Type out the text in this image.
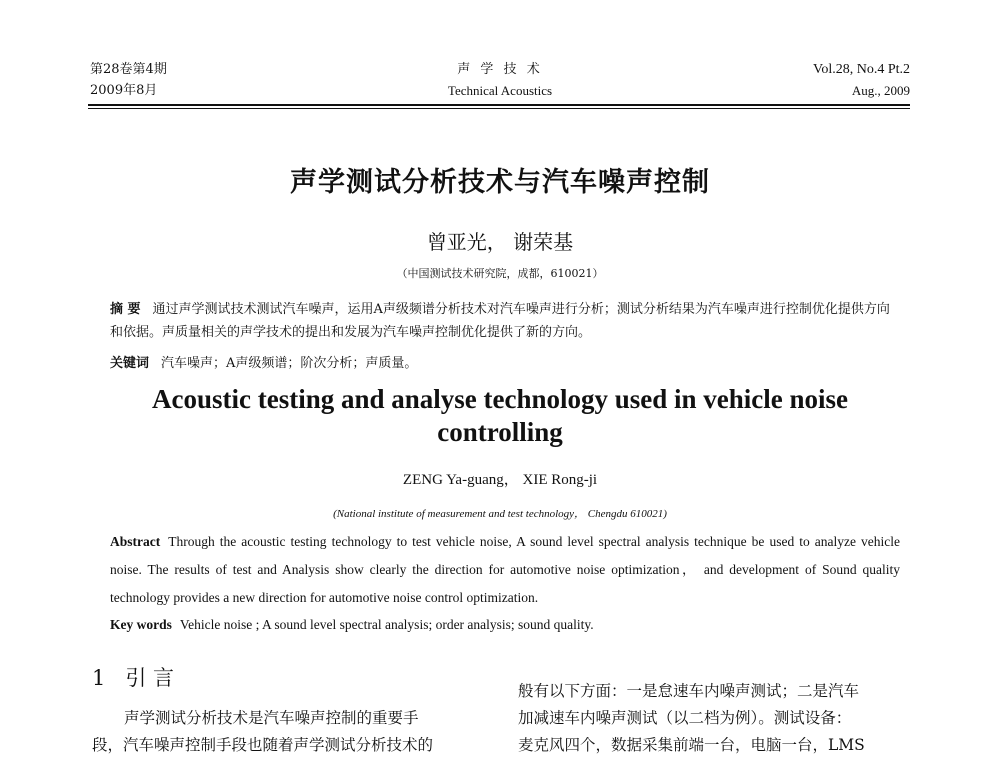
第28卷第4期
2009年8月
声 学 技 术
Technical Acoustics
Vol.28, No.4 Pt.2
Aug., 2009
声学测试分析技术与汽车噪声控制
曾亚光， 谢荣基
（中国测试技术研究院，成都，610021）
摘 要 通过声学测试技术测试汽车噪声，运用A声级频谱分析技术对汽车噪声进行分析；测试分析结果为汽车噪声进行控制优化提供方向和依据。声质量相关的声学技术的提出和发展为汽车噪声控制优化提供了新的方向。
关键词 汽车噪声；A声级频谱；阶次分析；声质量。
Acoustic testing and analyse technology used in vehicle noise controlling
ZENG Ya-guang， XIE Rong-ji
(National institute of measurement and test technology， Chengdu 610021)
Abstract Through the acoustic testing technology to test vehicle noise, A sound level spectral analysis technique be used to analyze vehicle noise. The results of test and Analysis show clearly the direction for automotive noise optimization， and development of Sound quality technology provides a new direction for automotive noise control optimization.
Key words Vehicle noise ; A sound level spectral analysis; order analysis; sound quality.
1 引 言
声学测试分析技术是汽车噪声控制的重要手
段，汽车噪声控制手段也随着声学测试分析技术的
般有以下方面：一是怠速车内噪声测试；二是汽车
加减速车内噪声测试（以二档为例）。测试设备：
麦克风四个，数据采集前端一台，电脑一台，LMS
